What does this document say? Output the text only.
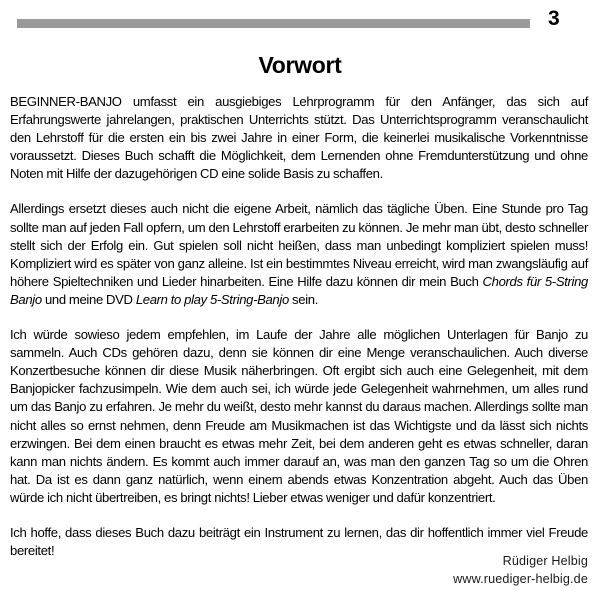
3
Vorwort

BEGINNER-BANJO umfasst ein ausgiebiges Lehrprogramm für den Anfänger, das sich auf Erfahrungswerte jahrelangen, praktischen Unterrichts stützt. Das Unterrichtsprogramm veranschaulicht den Lehrstoff für die ersten ein bis zwei Jahre in einer Form, die keinerlei musikalische Vorkenntnisse voraussetzt. Dieses Buch schafft die Möglichkeit, dem Lernenden ohne Fremdunterstützung und ohne Noten mit Hilfe der dazugehörigen CD eine solide Basis zu schaffen.

Allerdings ersetzt dieses auch nicht die eigene Arbeit, nämlich das tägliche Üben. Eine Stunde pro Tag sollte man auf jeden Fall opfern, um den Lehrstoff erarbeiten zu können. Je mehr man übt, desto schneller stellt sich der Erfolg ein. Gut spielen soll nicht heißen, dass man unbedingt kompliziert spielen muss! Kompliziert wird es später von ganz alleine. Ist ein bestimmtes Niveau erreicht, wird man zwangsläufig auf höhere Spieltechniken und Lieder hinarbeiten. Eine Hilfe dazu können dir mein Buch Chords für 5-String Banjo und meine DVD Learn to play 5-String-Banjo sein.

Ich würde sowieso jedem empfehlen, im Laufe der Jahre alle möglichen Unterlagen für Banjo zu sammeln. Auch CDs gehören dazu, denn sie können dir eine Menge veranschaulichen. Auch diverse Konzertbesuche können dir diese Musik näherbringen. Oft ergibt sich auch eine Gelegenheit, mit dem Banjopicker fachzusimpeln. Wie dem auch sei, ich würde jede Gelegenheit wahrnehmen, um alles rund um das Banjo zu erfahren. Je mehr du weißt, desto mehr kannst du daraus machen. Allerdings sollte man nicht alles so ernst nehmen, denn Freude am Musikmachen ist das Wichtigste und da lässt sich nichts erzwingen. Bei dem einen braucht es etwas mehr Zeit, bei dem anderen geht es etwas schneller, daran kann man nichts ändern. Es kommt auch immer darauf an, was man den ganzen Tag so um die Ohren hat. Da ist es dann ganz natürlich, wenn einem abends etwas Konzentration abgeht. Auch das Üben würde ich nicht übertreiben, es bringt nichts! Lieber etwas weniger und dafür konzentriert.

Ich hoffe, dass dieses Buch dazu beiträgt ein Instrument zu lernen, das dir hoffentlich immer viel Freude bereitet!

Rüdiger Helbig
www.ruediger-helbig.de
